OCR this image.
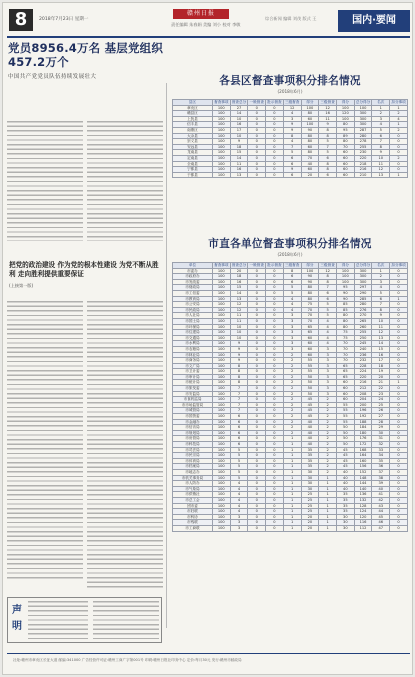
8	2018年7月23日 星期一
赣州日报
责任编辑 朱春娟 美编 刘小 校对 李敏
综合新闻 编辑 刘茂 版式 王	国内·要闻
党员8956.4万名 基层党组织457.2万个
中国共产党党员队伍持续发展壮大
把党的政治建设 作为党的根本性建设 为党不断从胜利 走向胜利提供重要保证
(上接第一版)
声明
各县区督查事项积分排名情况
(2018年6月)
县区	督查事项	督查总分	一般督查	批示督查	三级督查	得分	三级督查	得分	总分得分	名次	扣分事项
章贡区	100	27	0	0	12	100	12	100	100	1	1
赣县区	100	14	0	0	4	80	16	120	300	2	2
上犹县	100	10	0	0	3	60	11	100	300	3	4
信丰县	100	16	0	0	9	100	9	80	300	4	1
南康区	100	17	0	0	9	90	8	95	287	5	2
大余县	100	10	0	0	8	80	8	89	280	6	0
崇义县	100	9	0	0	4	80	5	80	278	7	0
安远县	100	18	0	0	7	60	7	70	255	8	0
龙南县	100	15	0	0	5	80	5	60	230	9	0
定南县	100	14	0	0	6	70	6	60	220	10	2
全南县	100	11	0	0	6	40	8	60	218	11	0
宁都县	100	16	0	0	9	60	8	60	216	12	0
于都县	100	13	0	0	6	20	6	60	210	13	1
市直各单位督查事项积分排名情况
(2018年6月)
单位	督查事项	督查总分	一般督查	批示督查	三级督查	得分	三级督查	得分	总分得分	名次	扣分事项
市委办	100	20	0	0	8	100	12	100	300	1	0
市政府办	100	18	0	0	6	90	8	100	300	2	0
市发改委	100	16	0	0	6	90	8	100	300	3	0
市财政局	100	15	0	0	5	80	7	95	297	4	0
市工信委	100	14	0	0	5	80	6	90	290	5	0
市教育局	100	13	0	0	4	80	6	90	285	6	1
市公安局	100	12	0	0	4	75	5	85	280	7	0
市民政局	100	12	0	0	4	70	5	85	276	8	0
市人社局	100	11	0	0	3	70	5	80	270	9	0
市国土局	100	11	0	0	3	70	4	80	265	10	0
市环保局	100	10	0	0	3	65	4	80	260	11	0
市住建局	100	10	0	0	3	65	4	75	255	12	0
市交通局	100	10	0	0	3	60	4	75	250	13	0
市水利局	100	9	0	0	3	60	4	70	245	14	0
市农粮局	100	9	0	0	3	60	3	70	240	15	0
市林业局	100	9	0	0	2	60	3	70	236	16	0
市商务局	100	9	0	0	2	55	3	70	232	17	0
市文广局	100	8	0	0	2	55	3	65	228	18	0
市卫计委	100	8	0	0	2	55	3	65	224	19	0
市审计局	100	8	0	0	2	50	3	65	220	20	0
市统计局	100	8	0	0	2	50	3	60	216	21	1
市旅发委	100	7	0	0	2	50	3	60	212	22	0
市安监局	100	7	0	0	2	50	3	60	208	23	0
市食药监局	100	7	0	0	2	45	2	60	204	24	0
市市场监管局	100	7	0	0	2	45	2	55	200	25	0
市城管局	100	7	0	0	2	45	2	55	196	26	0
市国资委	100	6	0	0	2	45	2	55	192	27	0
市金融办	100	6	0	0	2	40	2	55	188	28	0
市信访局	100	6	0	0	2	40	2	50	184	29	0
市规划局	100	6	0	0	2	40	2	50	180	30	0
市房管局	100	6	0	0	1	40	2	50	176	31	0
市科技局	100	6	0	0	1	40	2	50	172	32	0
市司法局	100	5	0	0	1	35	2	45	168	33	0
市民宗局	100	5	0	0	1	35	2	45	164	34	0
市体育局	100	5	0	0	1	35	2	45	160	35	0
市档案局	100	5	0	0	1	35	2	45	156	36	0
市地志办	100	5	0	0	1	30	2	40	152	37	0
市机关事务局	100	5	0	0	1	30	1	40	148	38	0
市人防办	100	4	0	0	1	30	1	40	144	39	0
市气象局	100	4	0	0	1	30	1	40	140	40	0
市供销社	100	4	0	0	1	25	1	35	136	41	0
市总工会	100	4	0	0	1	25	1	35	132	42	0
团市委	100	4	0	0	1	25	1	35	128	43	0
市妇联	100	4	0	0	1	25	1	35	124	44	0
市科协	100	3	0	0	1	20	1	30	120	45	0
市残联	100	3	0	0	1	20	1	30	116	46	0
市工商联	100	3	0	0	1	20	1	30	112	47	0
社址:赣州市章贡区长征大道 邮编:341000 广告经营许可证:赣州工商广字第001号 印刷:赣州日报社印务中心 定价:每月30元 发行:赣州市邮政局
